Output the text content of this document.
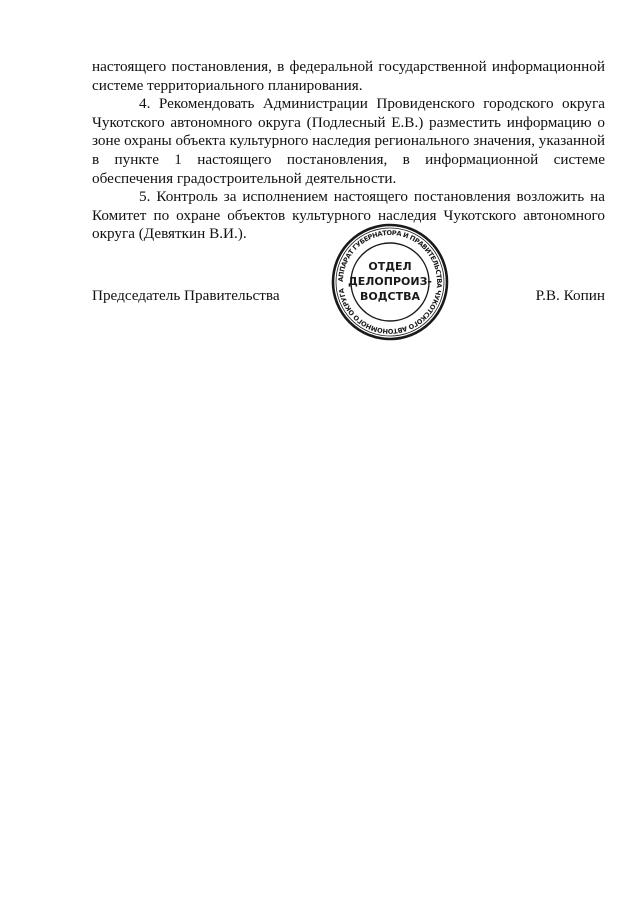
настоящего постановления, в федеральной государственной информационной системе территориального планирования.

4. Рекомендовать Администрации Провиденского городского округа Чукотского автономного округа (Подлесный Е.В.) разместить информацию о зоне охраны объекта культурного наследия регионального значения, указанной в пункте 1 настоящего постановления, в информационной системе обеспечения градостроительной деятельности.

5. Контроль за исполнением настоящего постановления возложить на Комитет по охране объектов культурного наследия Чукотского автономного округа (Девяткин В.И.).

Председатель Правительства	Р.В. Копин
АППАРАТ ГУБЕРНАТОРА И ПРАВИТЕЛЬСТВА ЧУКОТСКОГО АВТОНОМНОГО ОКРУГА
ОТДЕЛ
ДЕЛОПРОИЗ-
ВОДСТВА
